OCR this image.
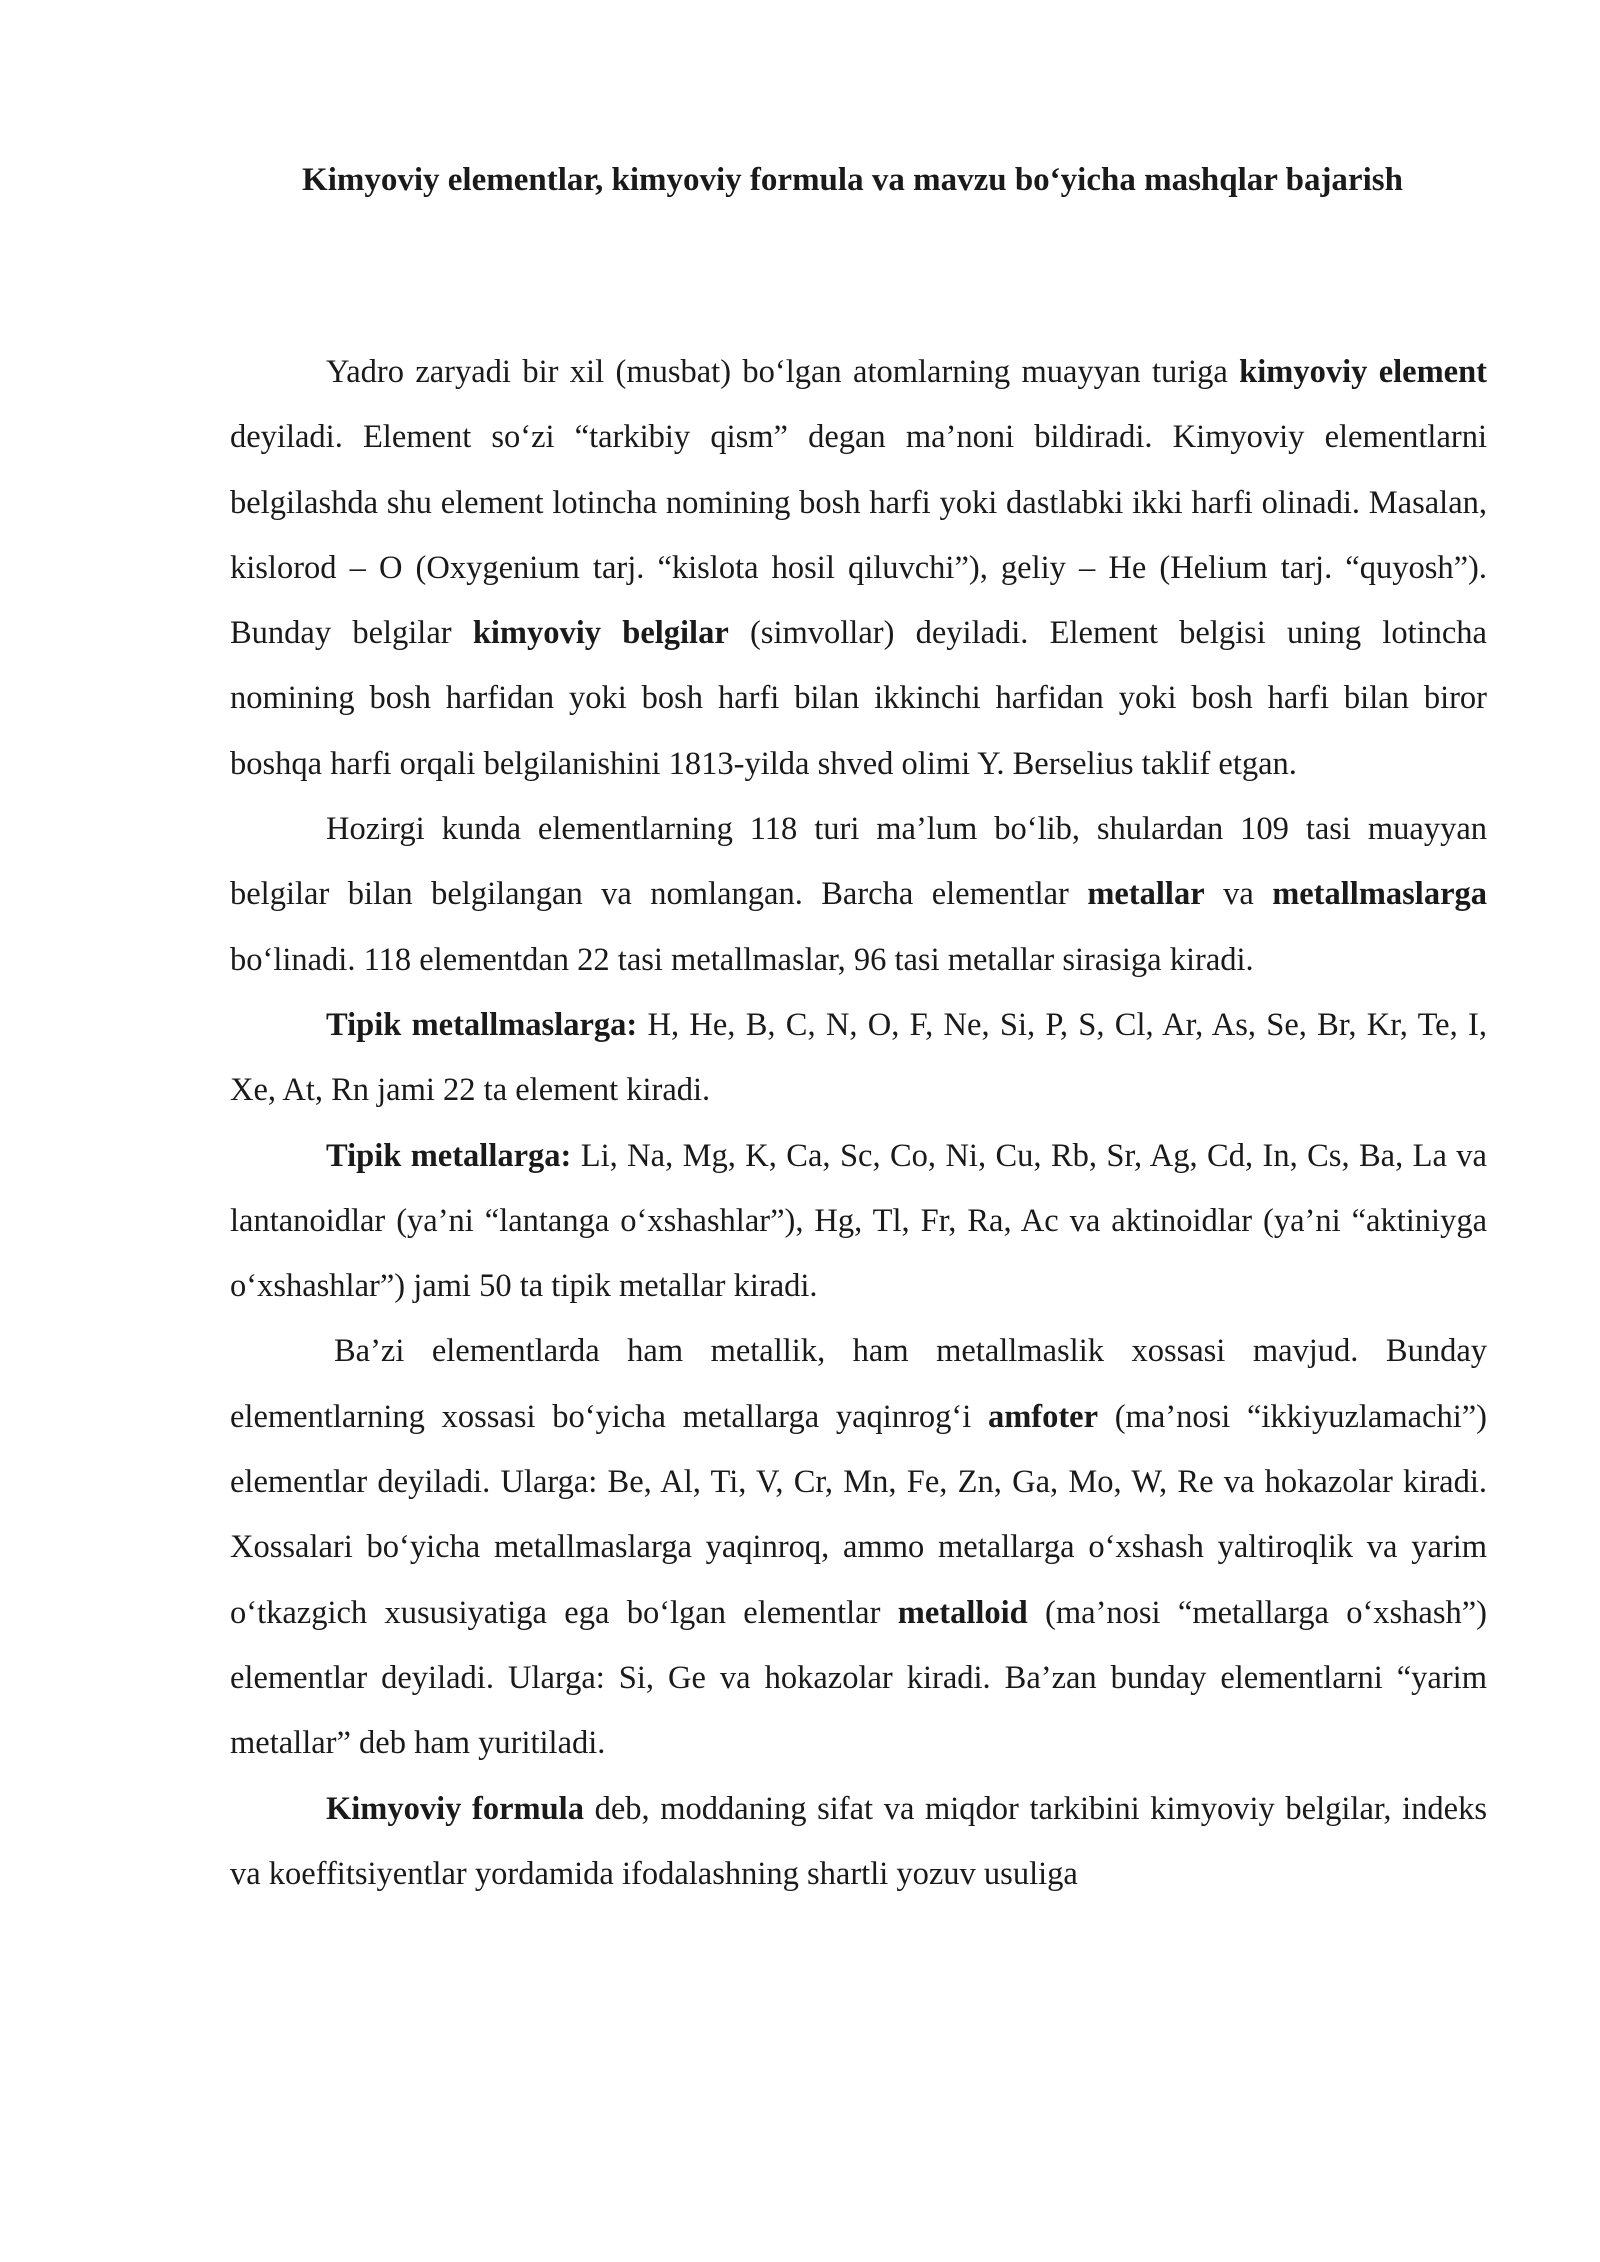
Kimyoviy elementlar, kimyoviy formula va mavzu bo‘yicha mashqlar bajarish

Yadro zaryadi bir xil (musbat) bo‘lgan atomlarning muayyan turiga kimyoviy element deyiladi. Element so‘zi “tarkibiy qism” degan ma’noni bildiradi. Kimyoviy elementlarni belgilashda shu element lotincha nomining bosh harfi yoki dastlabki ikki harfi olinadi. Masalan, kislorod – O (Oxygenium tarj. “kislota hosil qiluvchi”), geliy – He (Helium tarj. “quyosh”). Bunday belgilar kimyoviy belgilar (simvollar) deyiladi. Element belgisi uning lotincha nomining bosh harfidan yoki bosh harfi bilan ikkinchi harfidan yoki bosh harfi bilan biror boshqa harfi orqali belgilanishini 1813-yilda shved olimi Y. Berselius taklif etgan.

Hozirgi kunda elementlarning 118 turi ma’lum bo‘lib, shulardan 109 tasi muayyan belgilar bilan belgilangan va nomlangan. Barcha elementlar metallar va metallmaslarga bo‘linadi. 118 elementdan 22 tasi metallmaslar, 96 tasi metallar sirasiga kiradi.

Tipik metallmaslarga: H, He, B, C, N, O, F, Ne, Si, P, S, Cl, Ar, As, Se, Br, Kr, Te, I, Xe, At, Rn jami 22 ta element kiradi.

Tipik metallarga: Li, Na, Mg, K, Ca, Sc, Co, Ni, Cu, Rb, Sr, Ag, Cd, In, Cs, Ba, La va lantanoidlar (ya’ni “lantanga o‘xshashlar”), Hg, Tl, Fr, Ra, Ac va aktinoidlar (ya’ni “aktiniyga o‘xshashlar”) jami 50 ta tipik metallar kiradi.

Ba’zi elementlarda ham metallik, ham metallmaslik xossasi mavjud. Bunday elementlarning xossasi bo‘yicha metallarga yaqinrog‘i amfoter (ma’nosi “ikkiyuzlamachi”) elementlar deyiladi. Ularga: Be, Al, Ti, V, Cr, Mn, Fe, Zn, Ga, Mo, W, Re va hokazolar kiradi. Xossalari bo‘yicha metallmaslarga yaqinroq, ammo metallarga o‘xshash yaltiroqlik va yarim o‘tkazgich xususiyatiga ega bo‘lgan elementlar metalloid (ma’nosi “metallarga o‘xshash”) elementlar deyiladi. Ularga: Si, Ge va hokazolar kiradi. Ba’zan bunday elementlarni “yarim metallar” deb ham yuritiladi.

Kimyoviy formula deb, moddaning sifat va miqdor tarkibini kimyoviy belgilar, indeks va koeffitsiyentlar yordamida ifodalashning shartli yozuv usuliga
